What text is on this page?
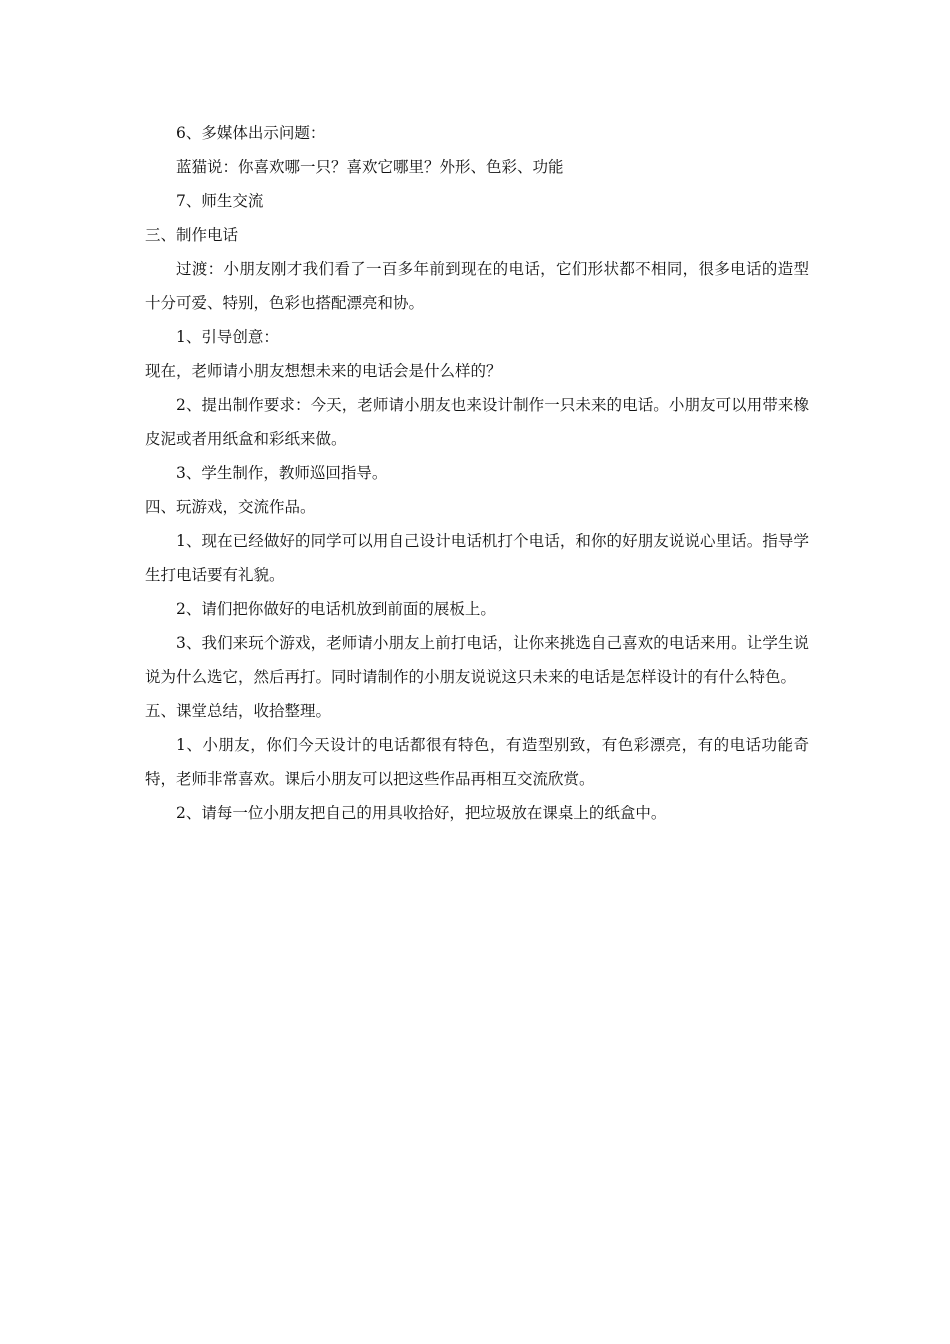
6、多媒体出示问题：

蓝猫说：你喜欢哪一只？喜欢它哪里？外形、色彩、功能

7、师生交流

三、制作电话

过渡：小朋友刚才我们看了一百多年前到现在的电话，它们形状都不相同，很多电话的造型十分可爱、特别，色彩也搭配漂亮和协。

1、引导创意：

现在，老师请小朋友想想未来的电话会是什么样的？

2、提出制作要求：今天，老师请小朋友也来设计制作一只未来的电话。小朋友可以用带来橡皮泥或者用纸盒和彩纸来做。

3、学生制作，教师巡回指导。

四、玩游戏，交流作品。

1、现在已经做好的同学可以用自己设计电话机打个电话，和你的好朋友说说心里话。指导学生打电话要有礼貌。

2、请们把你做好的电话机放到前面的展板上。

3、我们来玩个游戏，老师请小朋友上前打电话，让你来挑选自己喜欢的电话来用。让学生说说为什么选它，然后再打。同时请制作的小朋友说说这只未来的电话是怎样设计的有什么特色。

五、课堂总结，收拾整理。

1、小朋友，你们今天设计的电话都很有特色，有造型别致，有色彩漂亮，有的电话功能奇特，老师非常喜欢。课后小朋友可以把这些作品再相互交流欣赏。

2、请每一位小朋友把自己的用具收拾好，把垃圾放在课桌上的纸盒中。
